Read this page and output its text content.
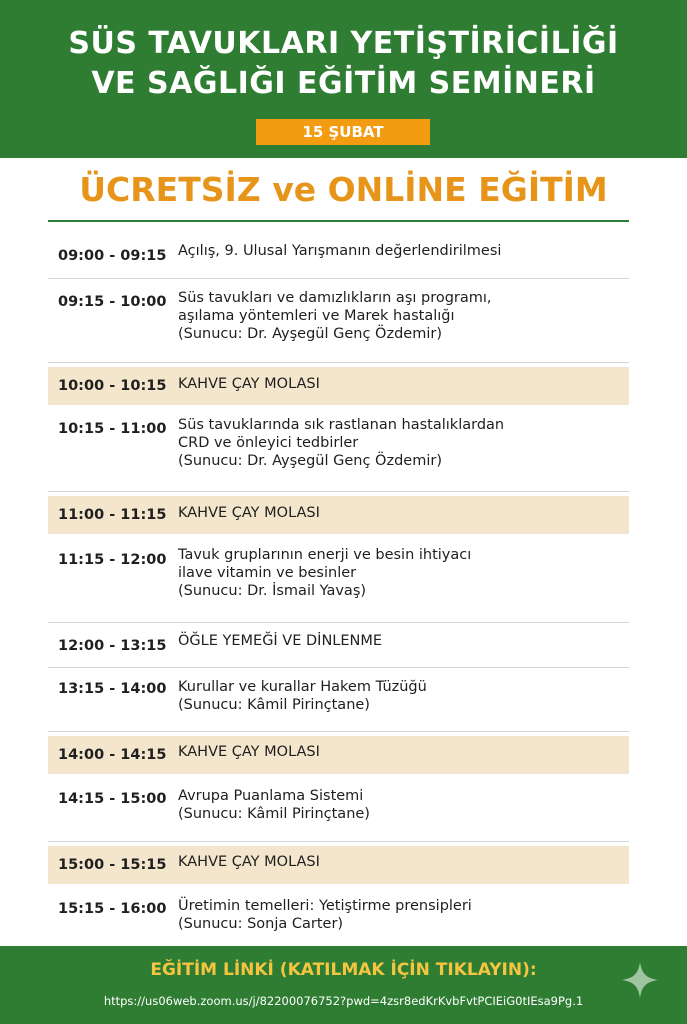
SÜS TAVUKLARI YETİŞTİRİCİLİĞİ
VE SAĞLIĞI EĞİTİM SEMİNERİ
15 ŞUBAT
ÜCRETSİZ ve ONLİNE EĞİTİM
09:00 - 09:15 Açılış, 9. Ulusal Yarışmanın değerlendirilmesi
09:15 - 10:00 Süs tavukları ve damızlıkların aşı programı,
aşılama yöntemleri ve Marek hastalığı
(Sunucu: Dr. Ayşegül Genç Özdemir)
10:00 - 10:15 KAHVE ÇAY MOLASI
10:15 - 11:00 Süs tavuklarında sık rastlanan hastalıklardan
CRD ve önleyici tedbirler
(Sunucu: Dr. Ayşegül Genç Özdemir)
11:00 - 11:15 KAHVE ÇAY MOLASI
11:15 - 12:00 Tavuk gruplarının enerji ve besin ihtiyacı
ilave vitamin ve besinler
(Sunucu: Dr. İsmail Yavaş)
12:00 - 13:15 ÖĞLE YEMEĞİ VE DİNLENME
13:15 - 14:00 Kurullar ve kurallar Hakem Tüzüğü
(Sunucu: Kâmil Pirinçtane)
14:00 - 14:15 KAHVE ÇAY MOLASI
14:15 - 15:00 Avrupa Puanlama Sistemi
(Sunucu: Kâmil Pirinçtane)
15:00 - 15:15 KAHVE ÇAY MOLASI
15:15 - 16:00 Üretimin temelleri: Yetiştirme prensipleri
(Sunucu: Sonja Carter)
EĞİTİM LİNKİ (KATILMAK İÇİN TIKLAYIN):
https://us06web.zoom.us/j/82200076752?pwd=4zsr8edKrKvbFvtPCIEiG0tIEsa9Pg.1
